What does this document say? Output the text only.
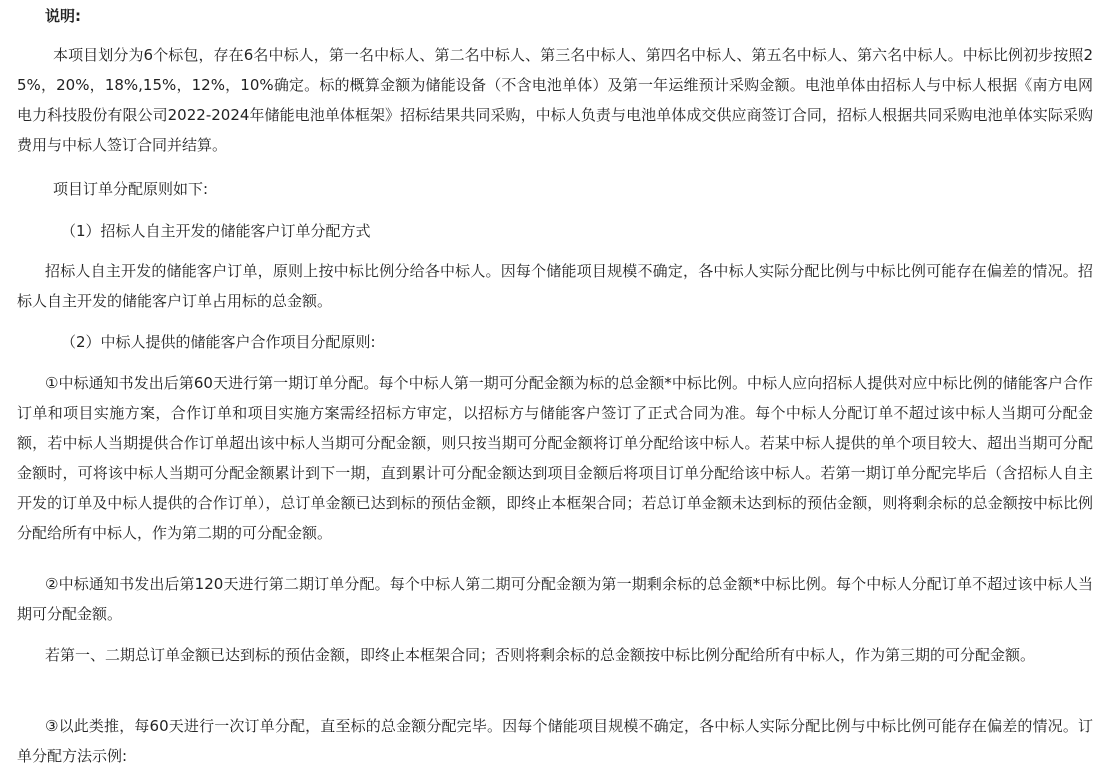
说明:

本项目划分为6个标包，存在6名中标人，第一名中标人、第二名中标人、第三名中标人、第四名中标人、第五名中标人、第六名中标人。中标比例初步按照25%，20%，18%,15%，12%，10%确定。标的概算金额为储能设备（不含电池单体）及第一年运维预计采购金额。电池单体由招标人与中标人根据《南方电网电力科技股份有限公司2022-2024年储能电池单体框架》招标结果共同采购，中标人负责与电池单体成交供应商签订合同，招标人根据共同采购电池单体实际采购费用与中标人签订合同并结算。

项目订单分配原则如下:

（1）招标人自主开发的储能客户订单分配方式

招标人自主开发的储能客户订单，原则上按中标比例分给各中标人。因每个储能项目规模不确定，各中标人实际分配比例与中标比例可能存在偏差的情况。招标人自主开发的储能客户订单占用标的总金额。

（2）中标人提供的储能客户合作项目分配原则:

①中标通知书发出后第60天进行第一期订单分配。每个中标人第一期可分配金额为标的总金额*中标比例。中标人应向招标人提供对应中标比例的储能客户合作订单和项目实施方案，合作订单和项目实施方案需经招标方审定，以招标方与储能客户签订了正式合同为准。每个中标人分配订单不超过该中标人当期可分配金额，若中标人当期提供合作订单超出该中标人当期可分配金额，则只按当期可分配金额将订单分配给该中标人。若某中标人提供的单个项目较大、超出当期可分配金额时，可将该中标人当期可分配金额累计到下一期，直到累计可分配金额达到项目金额后将项目订单分配给该中标人。若第一期订单分配完毕后（含招标人自主开发的订单及中标人提供的合作订单），总订单金额已达到标的预估金额，即终止本框架合同；若总订单金额未达到标的预估金额，则将剩余标的总金额按中标比例分配给所有中标人，作为第二期的可分配金额。

②中标通知书发出后第120天进行第二期订单分配。每个中标人第二期可分配金额为第一期剩余标的总金额*中标比例。每个中标人分配订单不超过该中标人当期可分配金额。

若第一、二期总订单金额已达到标的预估金额，即终止本框架合同；否则将剩余标的总金额按中标比例分配给所有中标人，作为第三期的可分配金额。

③以此类推，每60天进行一次订单分配，直至标的总金额分配完毕。因每个储能项目规模不确定，各中标人实际分配比例与中标比例可能存在偏差的情况。订单分配方法示例:
